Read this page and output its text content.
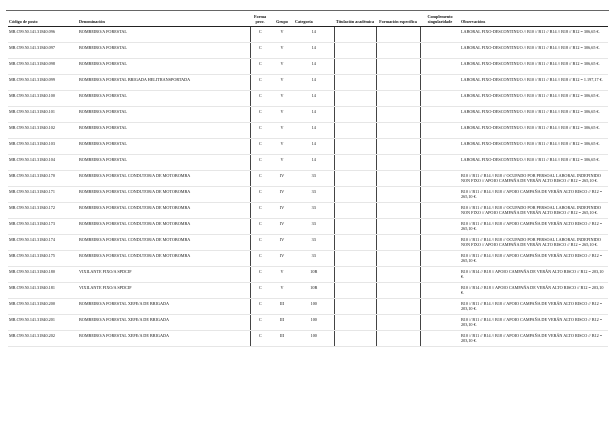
Código de posto	Denominación	Forma prov.	Grupo	Categoría	Titulación académica	Formación específica	Complemento singularidade	Observacións
MR.C99.50.141.31840.096	BOMBEIRO/A FORESTAL	C	V	14				LABORAL FIXO-DESCONTINUO // B10 // B11 // B14 // B18 // B12 = 306,65 €.
MR.C99.50.141.31840.097	BOMBEIRO/A FORESTAL	C	V	14				LABORAL FIXO-DESCONTINUO // B10 // B11 // B14 // B18 // B12 = 306,65 €.
MR.C99.50.141.31840.098	BOMBEIRO/A FORESTAL	C	V	14				LABORAL FIXO-DESCONTINUO // B10 // B11 // B14 // B18 // B12 = 306,65 €.
MR.C99.50.141.31840.099	BOMBEIRO/A FORESTAL BRIGADA HELITRANSPORTADA	C	V	14				LABORAL FIXO-DESCONTINUO // B10 // B11 // B14 // B18 // B12 = 1.197,17 €.
MR.C99.50.141.31840.100	BOMBEIRO/A FORESTAL	C	V	14				LABORAL FIXO-DESCONTINUO // B10 // B11 // B14 // B18 // B12 = 306,65 €.
MR.C99.50.141.31840.101	BOMBEIRO/A FORESTAL	C	V	14				LABORAL FIXO-DESCONTINUO // B10 // B11 // B14 // B18 // B12 = 306,65 €.
MR.C99.50.141.31840.102	BOMBEIRO/A FORESTAL	C	V	14				LABORAL FIXO-DESCONTINUO // B10 // B11 // B14 // B18 // B12 = 306,65 €.
MR.C99.50.141.31840.103	BOMBEIRO/A FORESTAL	C	V	14				LABORAL FIXO-DESCONTINUO // B10 // B11 // B14 // B18 // B12 = 306,65 €.
MR.C99.50.141.31840.104	BOMBEIRO/A FORESTAL	C	V	14				LABORAL FIXO-DESCONTINUO // B10 // B11 // B14 // B18 // B12 = 306,65 €.
MR.C99.50.141.31840.170	BOMBEIRO/A FORESTAL CONDUTOR/A DE MOTOBOMBA	C	IV	33				B10 // B11 // B14 // B18 // OCUPADO POR PERSOAL LABORAL INDEFINIDO NON FIXO // APOIO CAMPAÑA DE VERÁN ALTO RISCO // B12 = 265,10 €.
MR.C99.50.141.31840.171	BOMBEIRO/A FORESTAL CONDUTOR/A DE MOTOBOMBA	C	IV	33				B10 // B11 // B14 // B18 // APOIO CAMPAÑA DE VERÁN ALTO RISCO // B12 = 265,10 €.
MR.C99.50.141.31840.172	BOMBEIRO/A FORESTAL CONDUTOR/A DE MOTOBOMBA	C	IV	33				B10 // B11 // B14 // B18 // OCUPADO POR PERSOAL LABORAL INDEFINIDO NON FIXO // APOIO CAMPAÑA DE VERÁN ALTO RISCO // B12 = 265,10 €.
MR.C99.50.141.31840.173	BOMBEIRO/A FORESTAL CONDUTOR/A DE MOTOBOMBA	C	IV	33				B10 // B11 // B14 // B18 // APOIO CAMPAÑA DE VERÁN ALTO RISCO // B12 = 265,10 €.
MR.C99.50.141.31840.174	BOMBEIRO/A FORESTAL CONDUTOR/A DE MOTOBOMBA	C	IV	33				B10 // B11 // B14 // B18 // OCUPADO POR PERSOAL LABORAL INDEFINIDO NON FIXO // APOIO CAMPAÑA DE VERÁN ALTO RISCO // B12 = 265,10 €.
MR.C99.50.141.31840.175	BOMBEIRO/A FORESTAL CONDUTOR/A DE MOTOBOMBA	C	IV	33				B10 // B11 // B14 // B18 // APOIO CAMPAÑA DE VERÁN ALTO RISCO // B12 = 265,10 €.
MR.C99.50.141.31840.180	VIXILANTE FIXO/A SPDCIF	C	V	10B				B10 // B14 // B18 // APOIO CAMPAÑA DE VERÁN ALTO RISCO // B12 = 203,10 €.
MR.C99.50.141.31840.181	VIXILANTE FIXO/A SPDCIF	C	V	10B				B10 // B14 // B18 // APOIO CAMPAÑA DE VERÁN ALTO RISCO // B12 = 203,10 €.
MR.C99.50.141.31840.200	BOMBEIRO/A FORESTAL XEFE/A DE BRIGADA	C	III	100				B10 // B11 // B14 // B18 // APOIO CAMPAÑA DE VERÁN ALTO RISCO // B12 = 203,10 €.
MR.C99.50.141.31840.201	BOMBEIRO/A FORESTAL XEFE/A DE BRIGADA	C	III	100				B10 // B11 // B14 // B18 // APOIO CAMPAÑA DE VERÁN ALTO RISCO // B12 = 203,10 €.
MR.C99.50.141.31840.202	BOMBEIRO/A FORESTAL XEFE/A DE BRIGADA	C	III	100				B10 // B11 // B14 // B18 // APOIO CAMPAÑA DE VERÁN ALTO RISCO // B12 = 203,10 €.
